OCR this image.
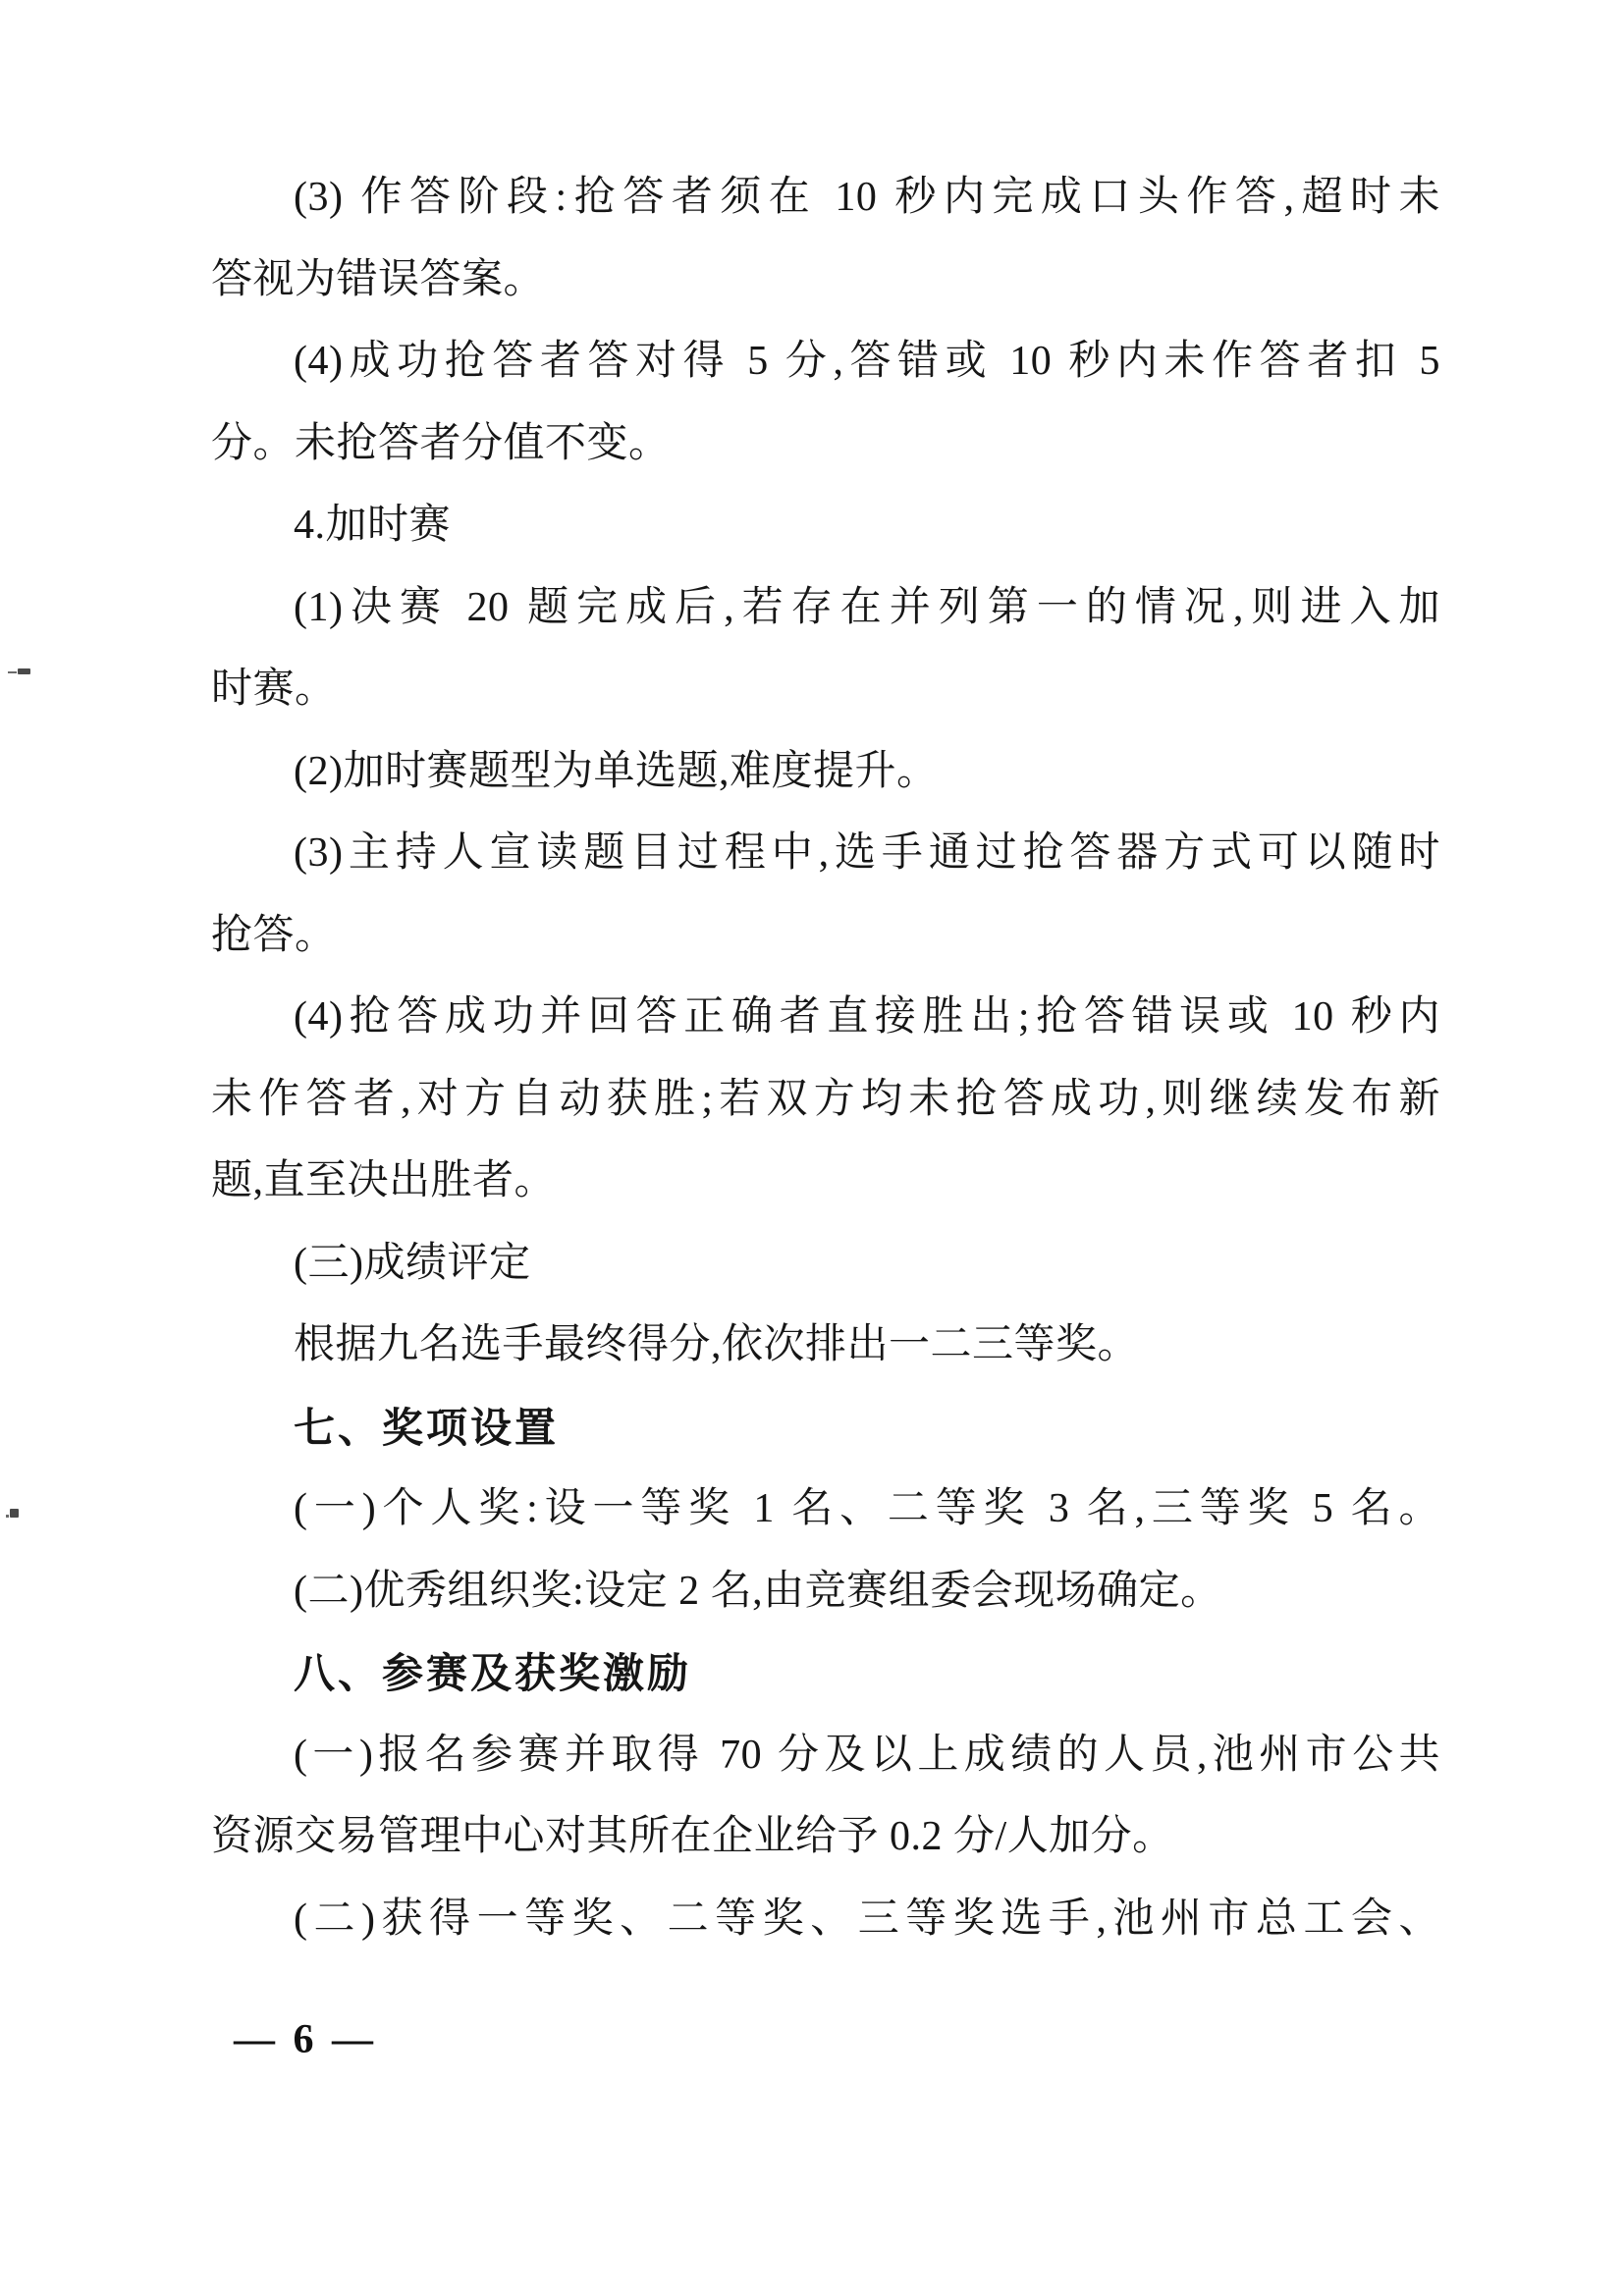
(3) 作答阶段:抢答者须在 10 秒内完成口头作答,超时未
答视为错误答案。
(4)成功抢答者答对得 5 分,答错或 10 秒内未作答者扣 5
分。未抢答者分值不变。
4.加时赛
(1)决赛 20 题完成后,若存在并列第一的情况,则进入加
时赛。
(2)加时赛题型为单选题,难度提升。
(3)主持人宣读题目过程中,选手通过抢答器方式可以随时
抢答。
(4)抢答成功并回答正确者直接胜出;抢答错误或 10 秒内
未作答者,对方自动获胜;若双方均未抢答成功,则继续发布新
题,直至决出胜者。
(三)成绩评定
根据九名选手最终得分,依次排出一二三等奖。
七、奖项设置
(一)个人奖:设一等奖 1 名、二等奖 3 名,三等奖 5 名。
(二)优秀组织奖:设定 2 名,由竞赛组委会现场确定。
八、参赛及获奖激励
(一)报名参赛并取得 70 分及以上成绩的人员,池州市公共
资源交易管理中心对其所在企业给予 0.2 分/人加分。
(二)获得一等奖、二等奖、三等奖选手,池州市总工会、
— 6 —
